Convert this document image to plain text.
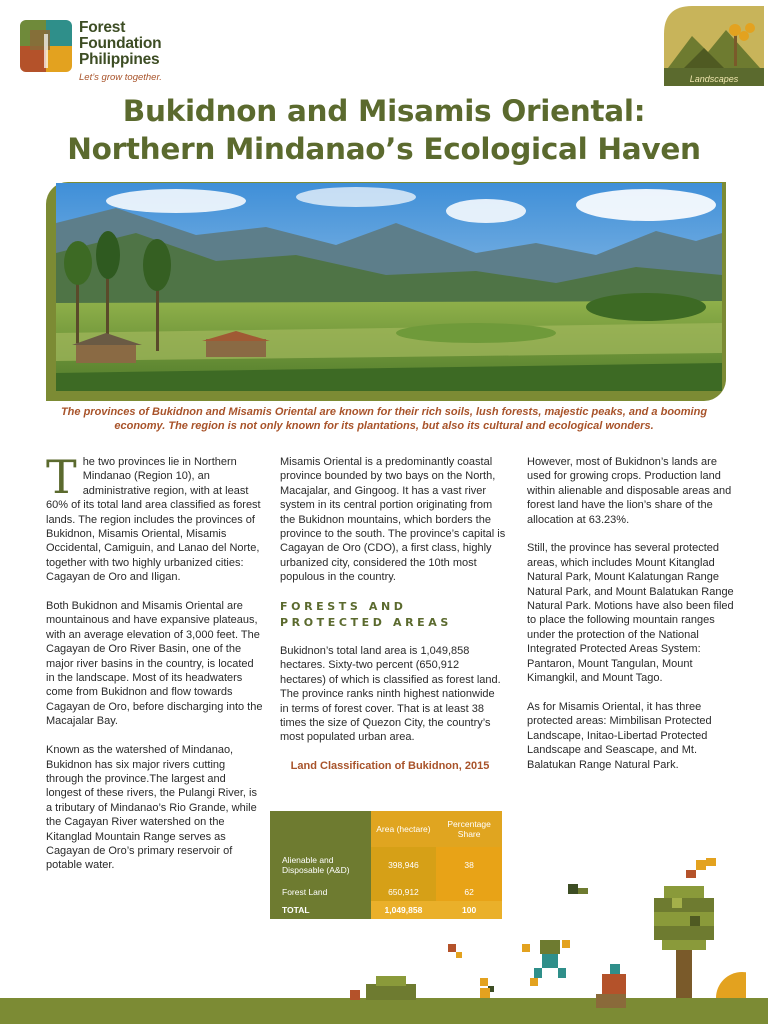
Forest
Foundation
Philippines
Let’s grow together.	Landscapes
Bukidnon and Misamis Oriental:
Northern Mindanao’s Ecological Haven

The provinces of Bukidnon and Misamis Oriental are known for their rich soils, lush forests, majestic peaks, and a booming economy. The region is not only known for its plantations, but also its cultural and ecological wonders.

The two provinces lie in Northern Mindanao (Region 10), an administrative region, with at least 60% of its total land area classified as forest lands. The region includes the provinces of Bukidnon, Misamis Oriental, Misamis Occidental, Camiguin, and Lanao del Norte, together with two highly urbanized cities: Cagayan de Oro and Iligan.

Both Bukidnon and Misamis Oriental are mountainous and have expansive plateaus, with an average elevation of 3,000 feet. The Cagayan de Oro River Basin, one of the major river basins in the country, is located in the landscape. Most of its headwaters come from Bukidnon and flow towards Cagayan de Oro, before discharging into the Macajalar Bay.

Known as the watershed of Mindanao, Bukidnon has six major rivers cutting through the province.The largest and longest of these rivers, the Pulangi River, is a tributary of Mindanao’s Rio Grande, while the Cagayan River watershed on the Kitanglad Mountain Range serves as Cagayan de Oro’s primary reservoir of potable water.

Misamis Oriental is a predominantly coastal province bounded by two bays on the North, Macajalar, and Gingoog. It has a vast river system in its central portion originating from the Bukidnon mountains, which borders the province to the south. The province’s capital is Cagayan de Oro (CDO), a first class, highly urbanized city, considered the 10th most populous in the country.

FORESTS AND
PROTECTED AREAS

Bukidnon’s total land area is 1,049,858 hectares. Sixty-two percent (650,912 hectares) of which is classified as forest land. The province ranks ninth highest nationwide in terms of forest cover. That is at least 38 times the size of Quezon City, the country’s most populated urban area.

Land Classification of Bukidnon, 2015
	Area (hectare)	Percentage Share
Alienable and Disposable (A&D)	398,946	38
Forest Land	650,912	62
TOTAL	1,049,858	100

However, most of Bukidnon’s lands are used for growing crops. Production land within alienable and disposable areas and forest land have the lion’s share of the allocation at 63.23%.

Still, the province has several protected areas, which includes Mount Kitanglad Natural Park, Mount Kalatungan Range Natural Park, and Mount Balatukan Range Natural Park. Motions have also been filed to place the following mountain ranges under the protection of the National Integrated Protected Areas System: Pantaron, Mount Tangulan, Mount Kimangkil, and Mount Tago.

As for Misamis Oriental, it has three protected areas: Mimbilisan Protected Landscape, Initao-Libertad Protected Landscape and Seascape, and Mt. Balatukan Range Natural Park.
